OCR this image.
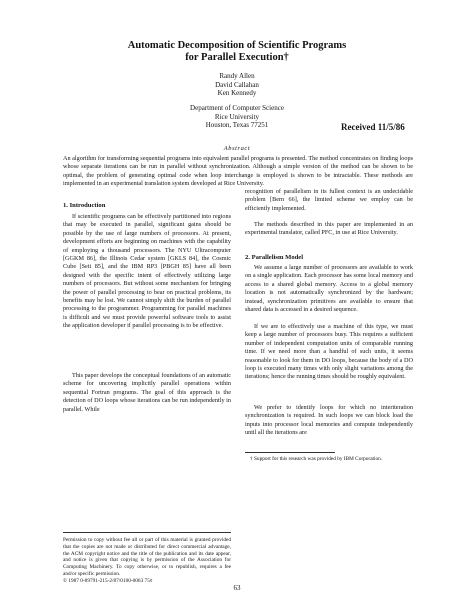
Automatic Decomposition of Scientific Programs
for Parallel Execution†
Randy Allen
David Callahan
Ken Kennedy
Department of Computer Science
Rice University
Houston, Texas 77251	Received 11/5/86
Abstract
An algorithm for transforming sequential programs into equivalent parallel programs is presented. The method concentrates on finding loops whose separate iterations can be run in parallel without synchronization. Although a simple version of the method can be shown to be optimal, the problem of generating optimal code when loop interchange is employed is shown to be intractable. These methods are implemented in an experimental translation system developed at Rice University.
1. Introduction
If scientific programs can be effectively partitioned into regions that may be executed in parallel, significant gains should be possible by the use of large numbers of processors. At present, development efforts are beginning on machines with the capability of employing a thousand processors. The NYU Ultracomputer [GGKM 86], the Illinois Cedar system [GKLS 84], the Cosmic Cube [Seit 85], and the IBM RP3 [PBGH 85] have all been designed with the specific intent of effectively utilizing large numbers of processors. But without some mechanism for bringing the power of parallel processing to bear on practical problems, its benefits may be lost. We cannot simply shift the burden of parallel processing to the programmer. Programming for parallel machines is difficult and we must provide powerful software tools to assist the application developer if parallel processing is to be effective.
This paper develops the conceptual foundations of an automatic scheme for uncovering implicitly parallel operations within sequential Fortran programs. The goal of this approach is the detection of DO loops whose iterations can be run independently in parallel. While
recognition of parallelism in its fullest context is an undecidable problem [Bern 66], the limited scheme we employ can be efficiently implemented.
The methods described in this paper are implemented in an experimental translator, called PFC, in use at Rice University.
2. Parallelism Model
We assume a large number of processors are available to work on a single application. Each processor has some local memory and access to a shared global memory. Access to a global memory location is not automatically synchronized by the hardware; instead, synchronization primitives are available to ensure that shared data is accessed in a desired sequence.
If we are to effectively use a machine of this type, we must keep a large number of processors busy. This requires a sufficient number of independent computation units of comparable running time. If we need more than a handful of such units, it seems reasonable to look for them in DO loops, because the body of a DO loop is executed many times with only slight variations among the iterations; hence the running times should be roughly equivalent.
We prefer to identify loops for which no interiteration synchronization is required. In such loops we can block load the inputs into processor local memories and compute independently until all the iterations are
† Support for this research was provided by IBM Corporation.
Permission to copy without fee all or part of this material is granted provided that the copies are not made or distributed for direct commercial advantage, the ACM copyright notice and the title of the publication and its date appear, and notice is given that copying is by permission of the Association for Computing Machinery. To copy otherwise, or to republish, requires a fee and/or specific permission.
© 1987 0-89791-215-2/87/0100-0063 75¢
63
